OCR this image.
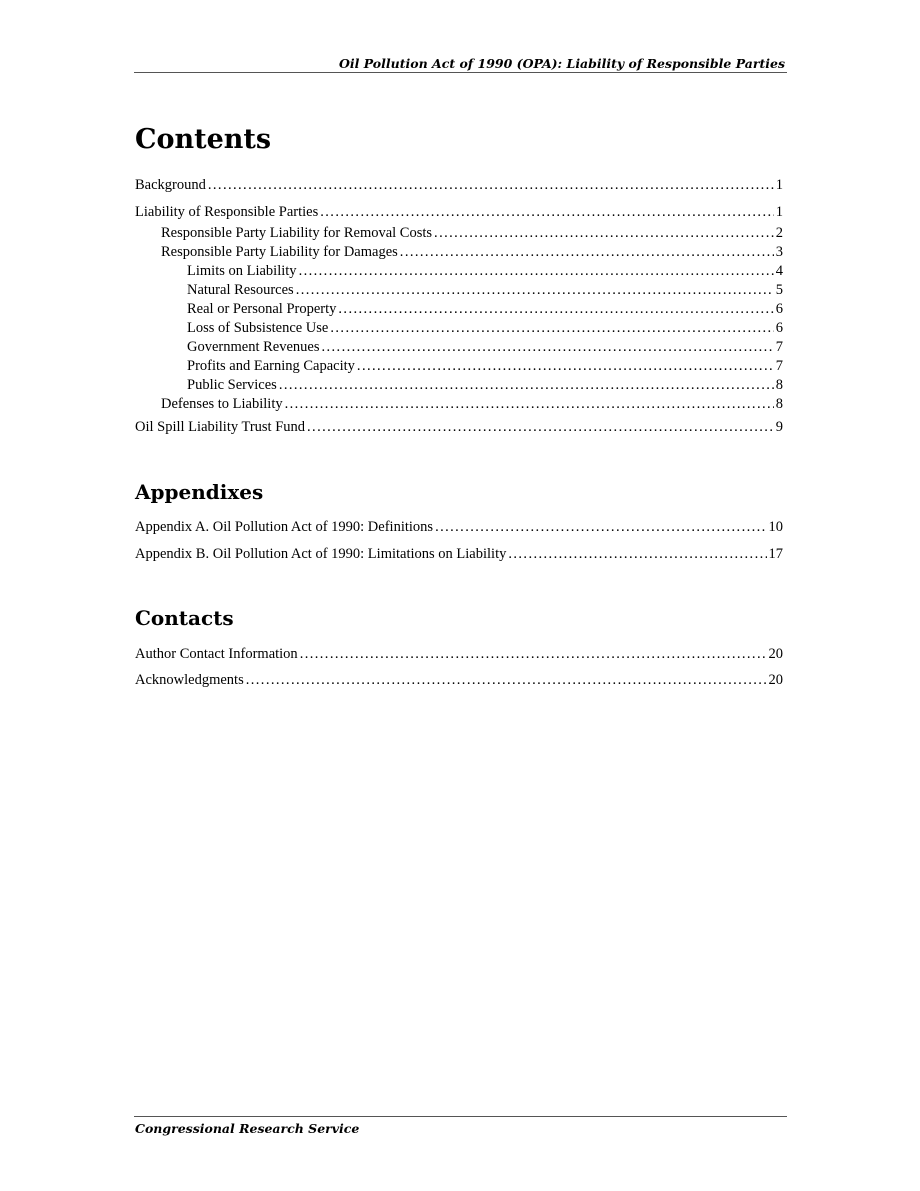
Oil Pollution Act of 1990 (OPA): Liability of Responsible Parties
Contents
Background .....	1
Liability of Responsible Parties .....	1
Responsible Party Liability for Removal Costs .....	2
Responsible Party Liability for Damages .....	3
Limits on Liability .....	4
Natural Resources .....	5
Real or Personal Property .....	6
Loss of Subsistence Use .....	6
Government Revenues .....	7
Profits and Earning Capacity .....	7
Public Services .....	8
Defenses to Liability .....	8
Oil Spill Liability Trust Fund .....	9
Appendixes
Appendix A. Oil Pollution Act of 1990: Definitions .....	10
Appendix B. Oil Pollution Act of 1990: Limitations on Liability .....	17
Contacts
Author Contact Information .....	20
Acknowledgments .....	20
Congressional Research Service
